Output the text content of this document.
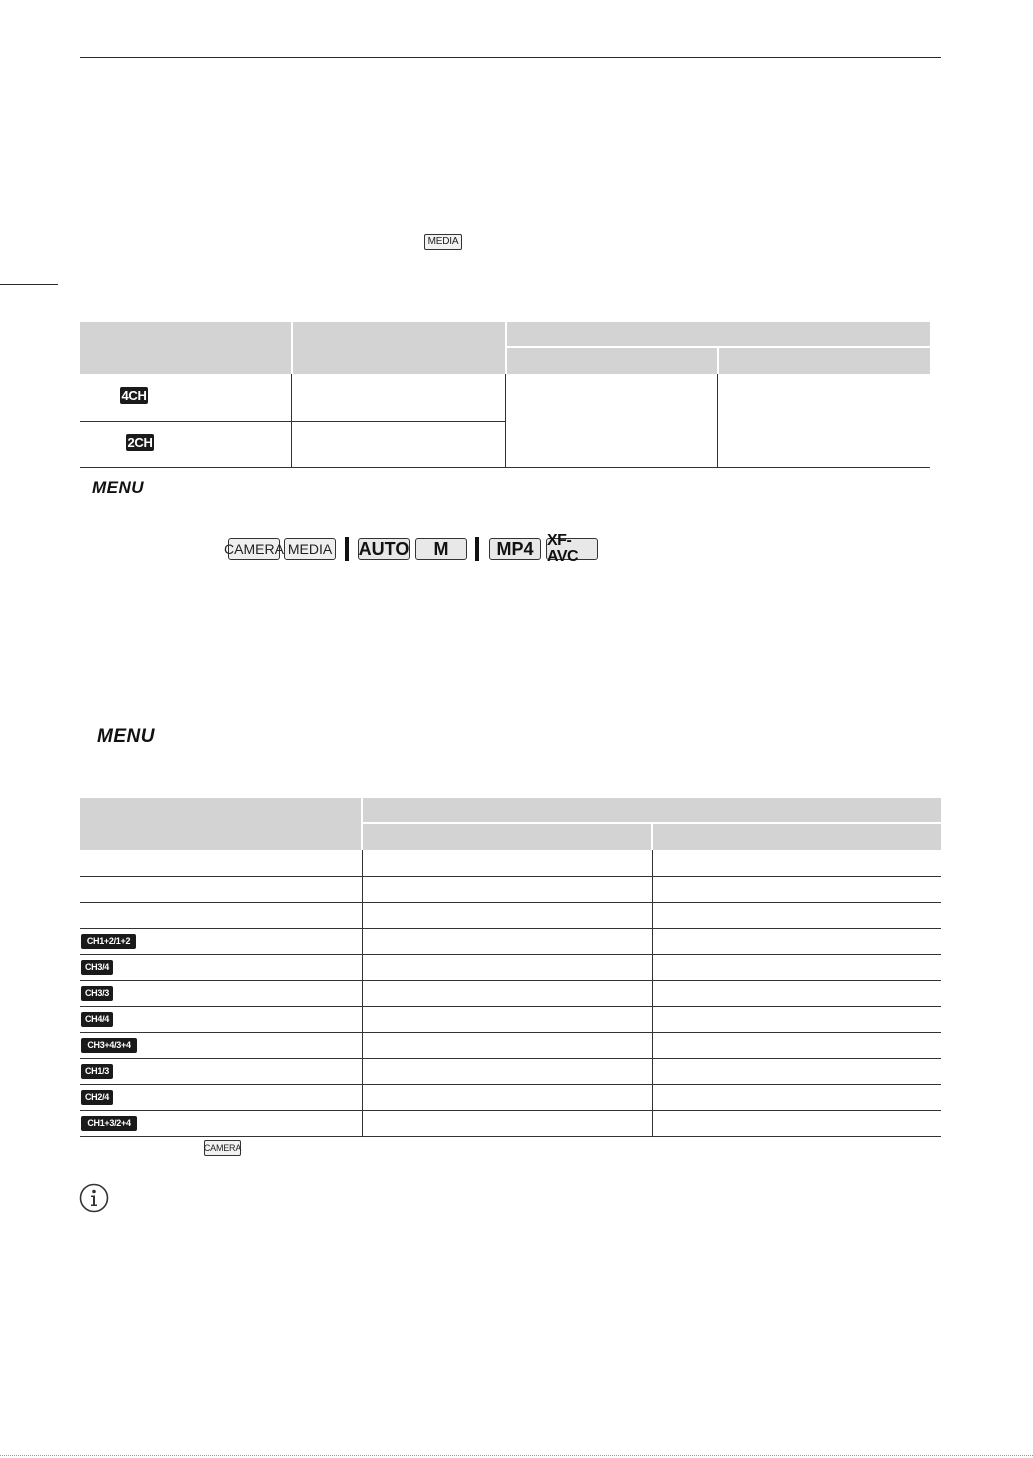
MEDIA
4CH
2CH
MENU
CAMERA MEDIA AUTO	M	MP4 XF-AVC
MENU
CH1+2/1+2
CH3/4
CH3/3
CH4/4
CH3+4/3+4
CH1/3
CH2/4
CH1+3/2+4
CAMERA
